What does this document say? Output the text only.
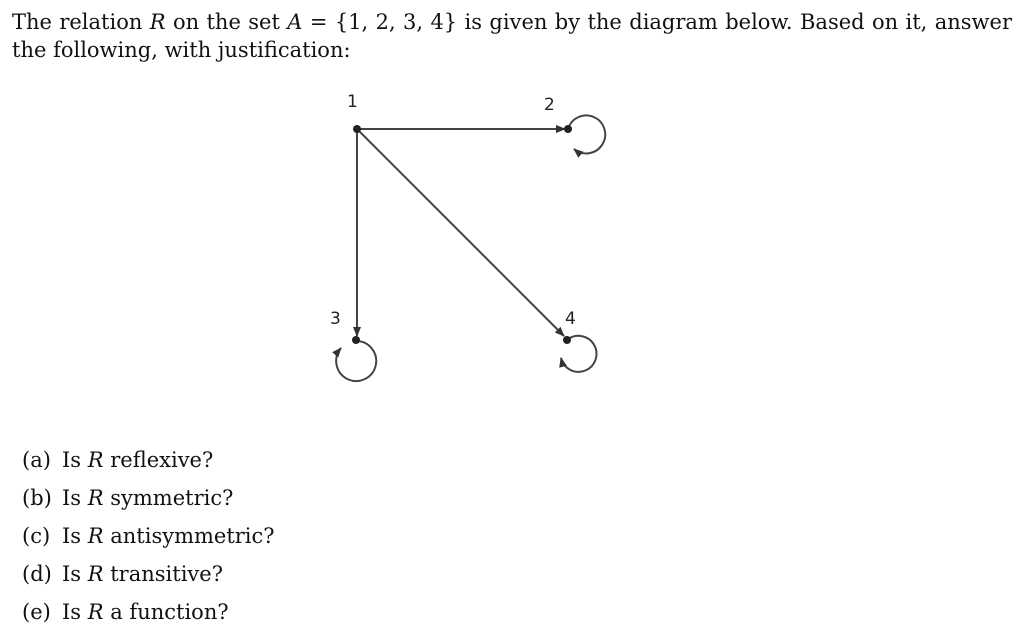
The relation R on the set A = {1, 2, 3, 4} is given by the diagram below. Based on it, answer the following, with justification:

1	2
3	4
(a) Is R reflexive?
(b) Is R symmetric?
(c) Is R antisymmetric?
(d) Is R transitive?
(e) Is R a function?
